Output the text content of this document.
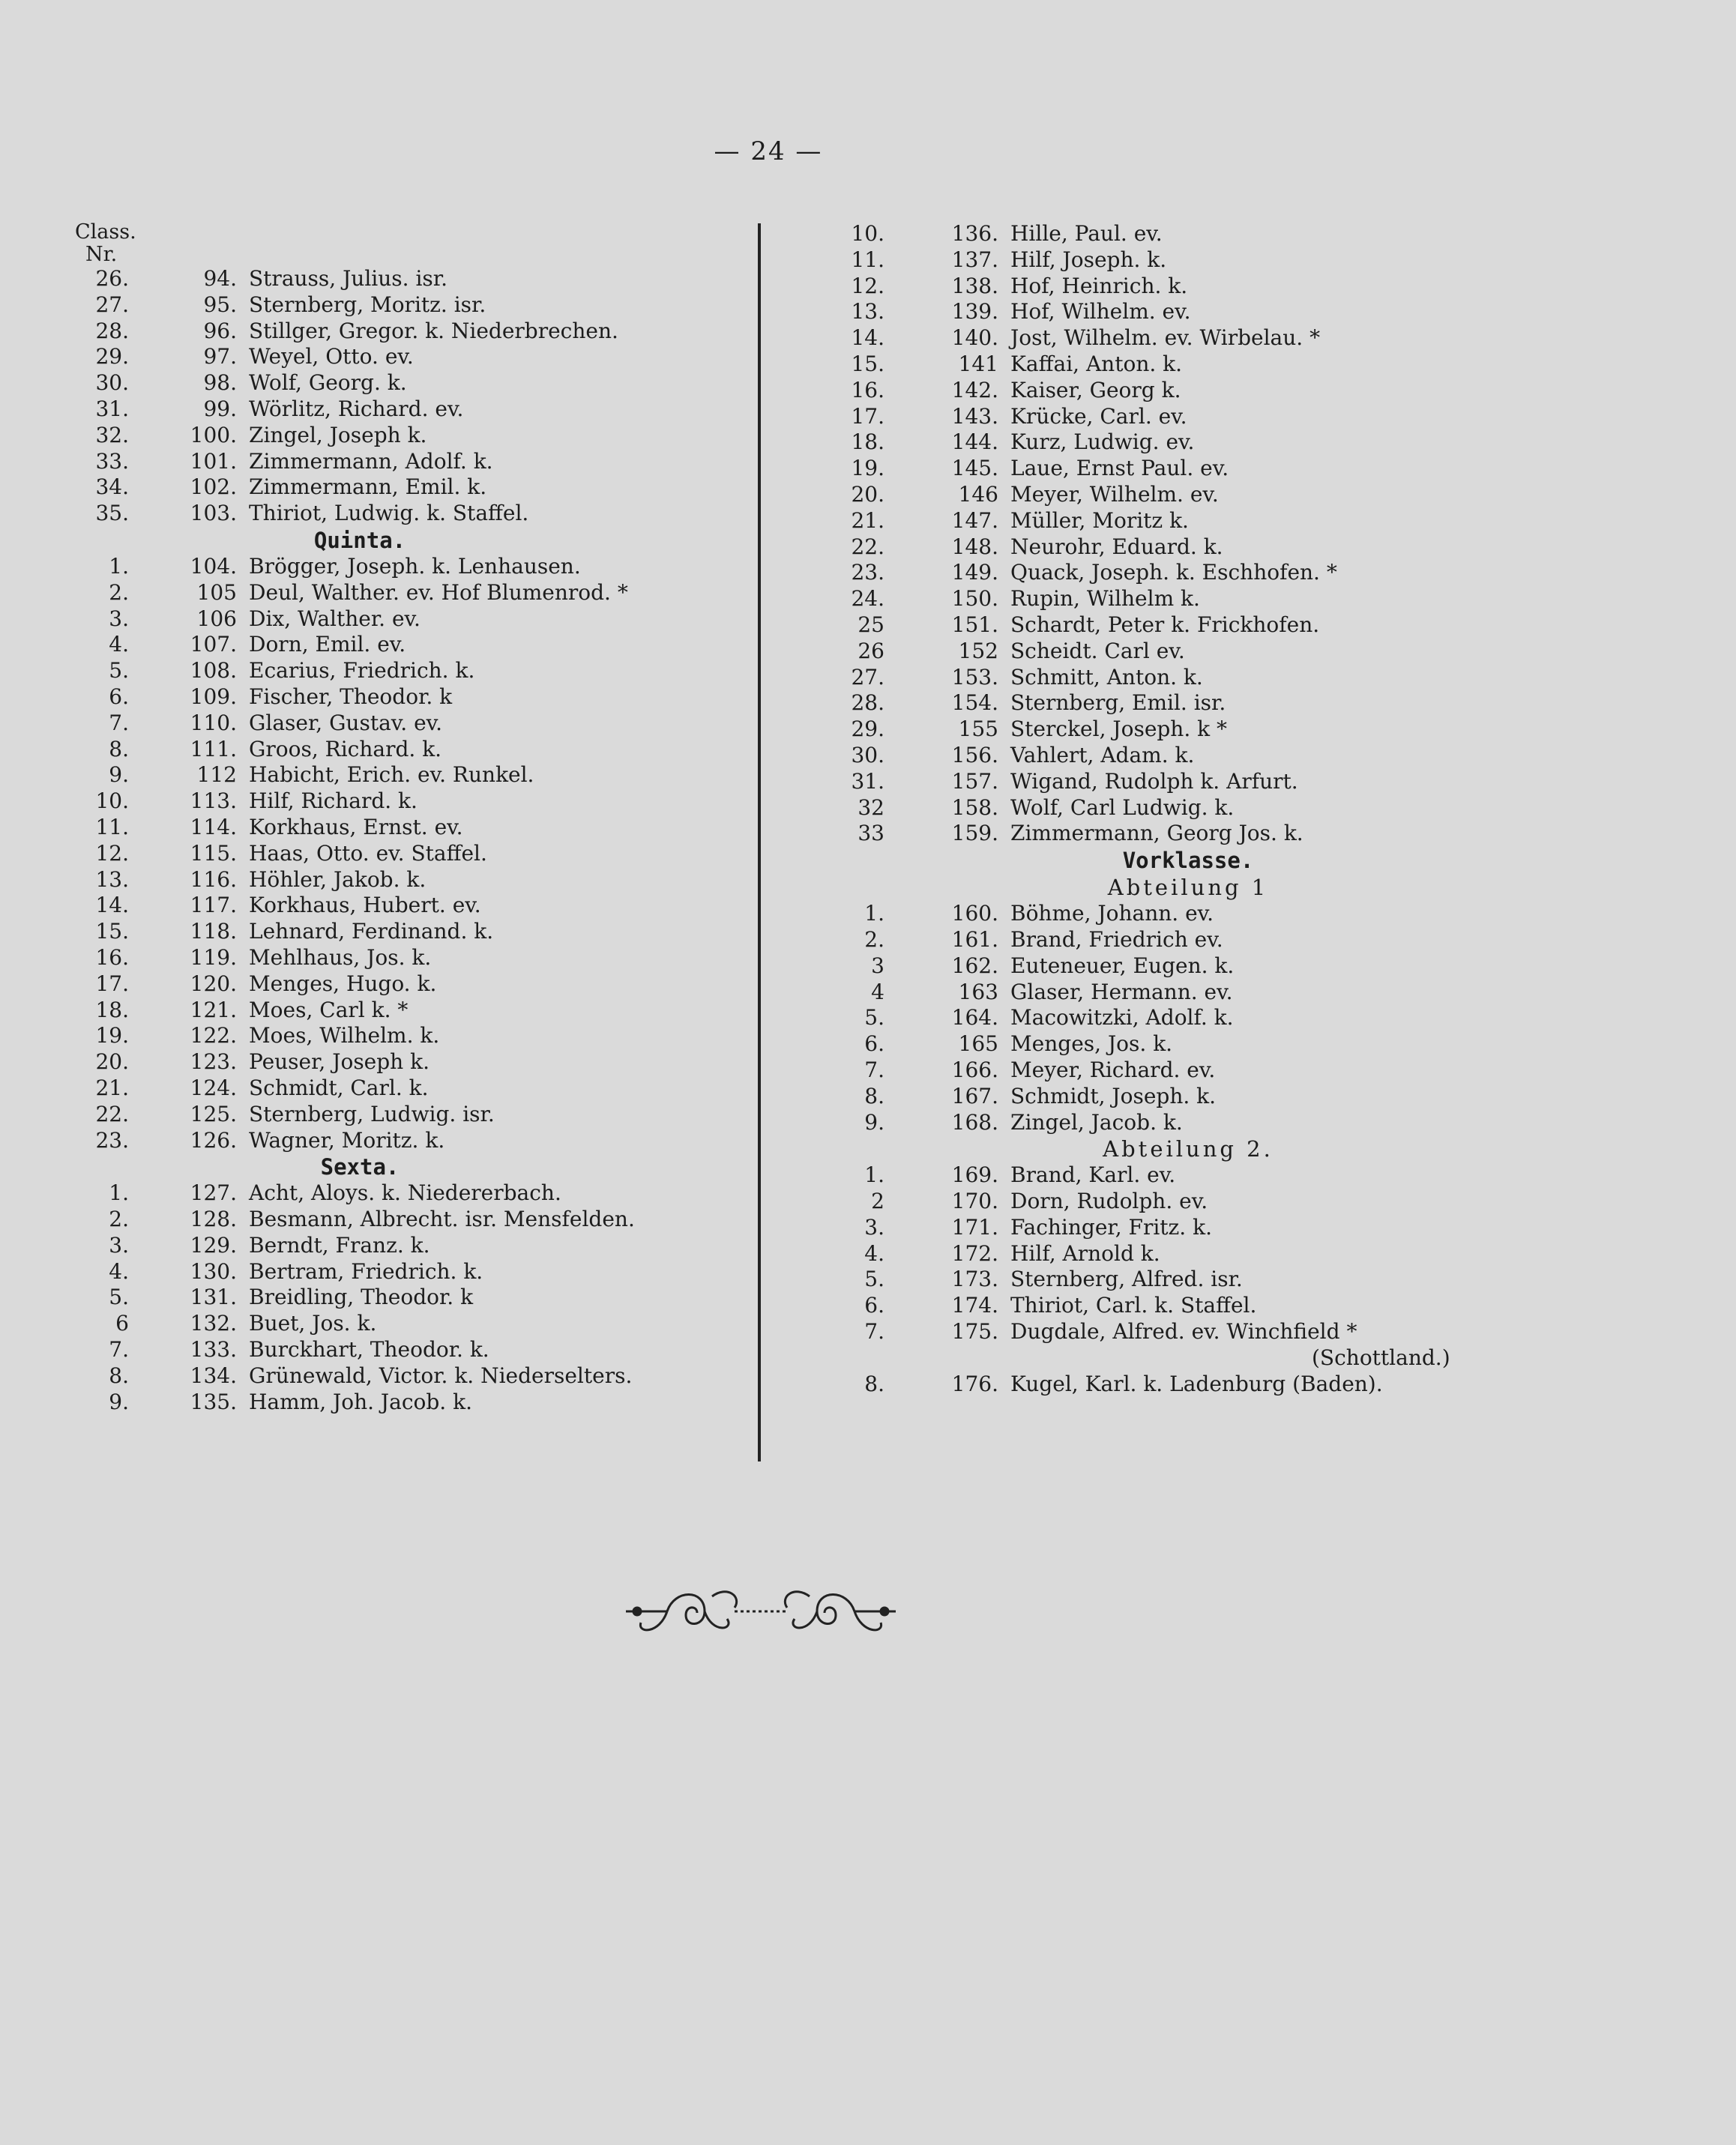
— 24 —
Class.
Nr.
26.	94. Strauss, Julius. isr.
27.	95. Sternberg, Moritz. isr.
28.	96. Stillger, Gregor. k. Niederbrechen.
29.	97. Weyel, Otto. ev.
30.	98. Wolf, Georg. k.
31.	99. Wörlitz, Richard. ev.
32.	100. Zingel, Joseph k.
33.	101. Zimmermann, Adolf. k.
34.	102. Zimmermann, Emil. k.
35.	103. Thiriot, Ludwig. k. Staffel.
Quinta.
1.	104. Brögger, Joseph. k. Lenhausen.
2.	105 Deul, Walther. ev. Hof Blumenrod. *
3.	106 Dix, Walther. ev.
4.	107. Dorn, Emil. ev.
5.	108. Ecarius, Friedrich. k.
6.	109. Fischer, Theodor. k
7.	110. Glaser, Gustav. ev.
8.	111. Groos, Richard. k.
9.	112 Habicht, Erich. ev. Runkel.
10.	113. Hilf, Richard. k.
11.	114. Korkhaus, Ernst. ev.
12.	115. Haas, Otto. ev. Staffel.
13.	116. Höhler, Jakob. k.
14.	117. Korkhaus, Hubert. ev.
15.	118. Lehnard, Ferdinand. k.
16.	119. Mehlhaus, Jos. k.
17.	120. Menges, Hugo. k.
18.	121. Moes, Carl k. *
19.	122. Moes, Wilhelm. k.
20.	123. Peuser, Joseph k.
21.	124. Schmidt, Carl. k.
22.	125. Sternberg, Ludwig. isr.
23.	126. Wagner, Moritz. k.
Sexta.
1.	127. Acht, Aloys. k. Niedererbach.
2.	128. Besmann, Albrecht. isr. Mensfelden.
3.	129. Berndt, Franz. k.
4.	130. Bertram, Friedrich. k.
5.	131. Breidling, Theodor. k
6	132. Buet, Jos. k.
7.	133. Burckhart, Theodor. k.
8.	134. Grünewald, Victor. k. Niederselters.
9.	135. Hamm, Joh. Jacob. k.
10.	136. Hille, Paul. ev.
11.	137. Hilf, Joseph. k.
12.	138. Hof, Heinrich. k.
13.	139. Hof, Wilhelm. ev.
14.	140. Jost, Wilhelm. ev. Wirbelau. *
15.	141 Kaffai, Anton. k.
16.	142. Kaiser, Georg k.
17.	143. Krücke, Carl. ev.
18.	144. Kurz, Ludwig. ev.
19.	145. Laue, Ernst Paul. ev.
20.	146 Meyer, Wilhelm. ev.
21.	147. Müller, Moritz k.
22.	148. Neurohr, Eduard. k.
23.	149. Quack, Joseph. k. Eschhofen. *
24.	150. Rupin, Wilhelm k.
25	151. Schardt, Peter k. Frickhofen.
26	152 Scheidt. Carl ev.
27.	153. Schmitt, Anton. k.
28.	154. Sternberg, Emil. isr.
29.	155 Sterckel, Joseph. k *
30.	156. Vahlert, Adam. k.
31.	157. Wigand, Rudolph k. Arfurt.
32	158. Wolf, Carl Ludwig. k.
33	159. Zimmermann, Georg Jos. k.
Vorklasse.
Abteilung 1
1.	160. Böhme, Johann. ev.
2.	161. Brand, Friedrich ev.
3	162. Euteneuer, Eugen. k.
4	163 Glaser, Hermann. ev.
5.	164. Macowitzki, Adolf. k.
6.	165 Menges, Jos. k.
7.	166. Meyer, Richard. ev.
8.	167. Schmidt, Joseph. k.
9.	168. Zingel, Jacob. k.
Abteilung 2.
1.	169. Brand, Karl. ev.
2	170. Dorn, Rudolph. ev.
3.	171. Fachinger, Fritz. k.
4.	172. Hilf, Arnold k.
5.	173. Sternberg, Alfred. isr.
6.	174. Thiriot, Carl. k. Staffel.
7.	175. Dugdale, Alfred. ev. Winchfield *
(Schottland.)
8.	176. Kugel, Karl. k. Ladenburg (Baden).
